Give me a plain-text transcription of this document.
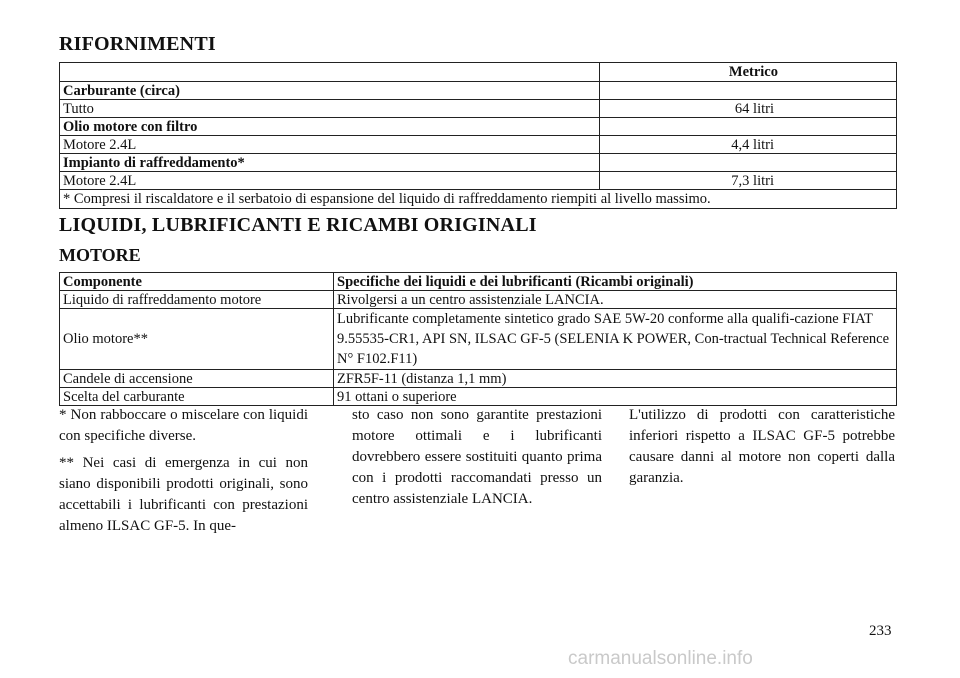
RIFORNIMENTI
	Metrico
Carburante (circa)	
Tutto	64 litri
Olio motore con filtro	
Motore 2.4L	4,4 litri
Impianto di raffreddamento*	
Motore 2.4L	7,3 litri
* Compresi il riscaldatore e il serbatoio di espansione del liquido di raffreddamento riempiti al livello massimo.	
LIQUIDI, LUBRIFICANTI E RICAMBI ORIGINALI
MOTORE
Componente	Specifiche dei liquidi e dei lubrificanti (Ricambi originali)
Liquido di raffreddamento motore	Rivolgersi a un centro assistenziale LANCIA.
Olio motore**	Lubrificante completamente sintetico grado SAE 5W-20 conforme alla qualifi-cazione FIAT 9.55535-CR1, API SN, ILSAC GF-5 (SELENIA K POWER, Con-tractual Technical Reference N° F102.F11)
Candele di accensione	ZFR5F-11 (distanza 1,1 mm)
Scelta del carburante	91 ottani o superiore

* Non rabboccare o miscelare con liquidi con specifiche diverse.

** Nei casi di emergenza in cui non siano disponibili prodotti originali, sono accettabili i lubrificanti con prestazioni almeno ILSAC GF-5. In que-

sto caso non sono garantite prestazioni motore ottimali e i lubrificanti dovrebbero essere sostituiti quanto prima con i prodotti raccomandati presso un centro assistenziale LANCIA.

L'utilizzo di prodotti con caratteristiche inferiori rispetto a ILSAC GF-5 potrebbe causare danni al motore non coperti dalla garanzia.

233
carmanualsonline.info
